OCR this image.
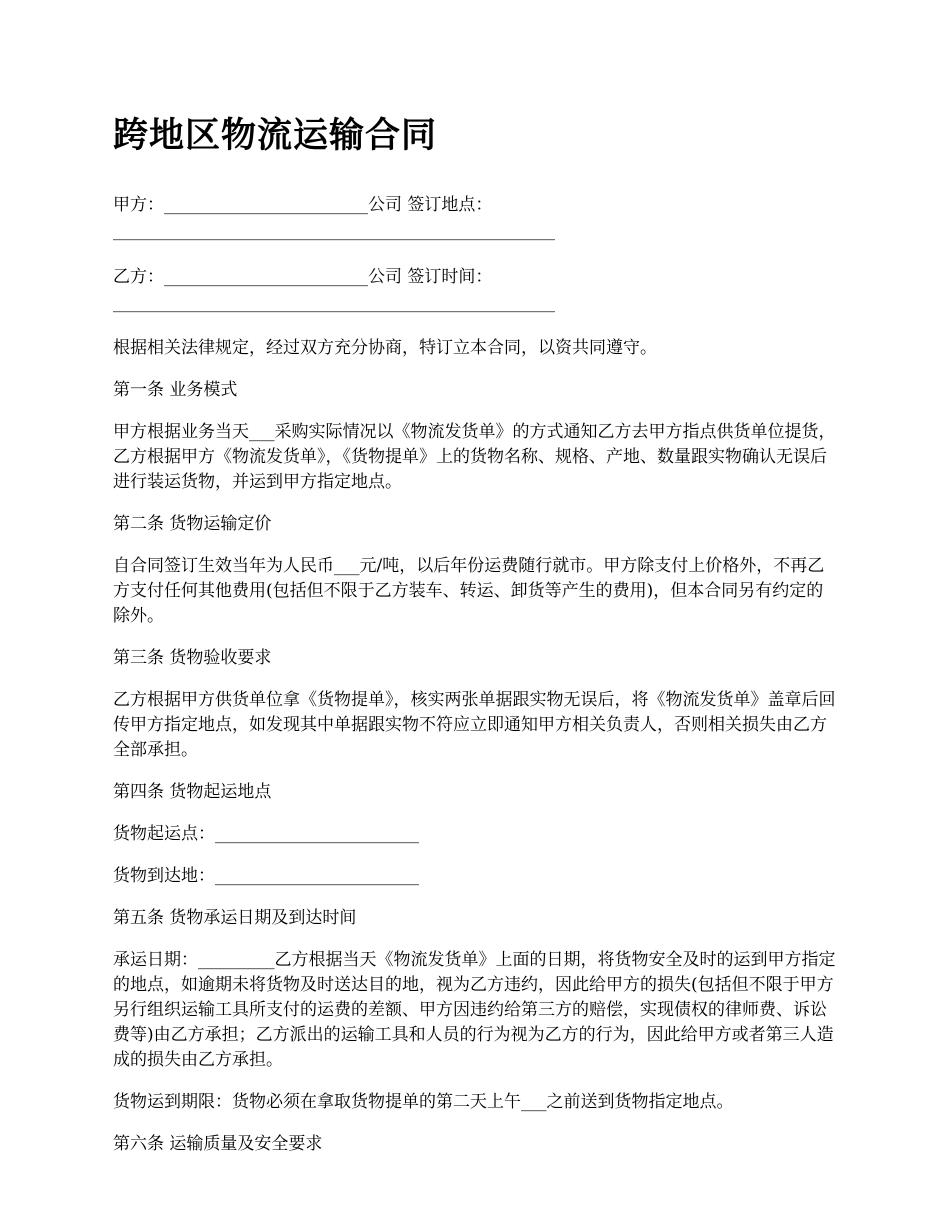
跨地区物流运输合同

甲方：________________________公司 签订地点：____________________________________________________

乙方：________________________公司 签订时间：____________________________________________________

根据相关法律规定，经过双方充分协商，特订立本合同，以资共同遵守。

第一条 业务模式

甲方根据业务当天___采购实际情况以《物流发货单》的方式通知乙方去甲方指点供货单位提货，乙方根据甲方《物流发货单》，《货物提单》上的货物名称、规格、产地、数量跟实物确认无误后进行装运货物，并运到甲方指定地点。

第二条 货物运输定价

自合同签订生效当年为人民币___元/吨，以后年份运费随行就市。甲方除支付上价格外，不再乙方支付任何其他费用(包括但不限于乙方装车、转运、卸货等产生的费用)，但本合同另有约定的除外。

第三条 货物验收要求

乙方根据甲方供货单位拿《货物提单》，核实两张单据跟实物无误后，将《物流发货单》盖章后回传甲方指定地点，如发现其中单据跟实物不符应立即通知甲方相关负责人，否则相关损失由乙方全部承担。

第四条 货物起运地点

货物起运点：________________________

货物到达地：________________________

第五条 货物承运日期及到达时间

承运日期：_________乙方根据当天《物流发货单》上面的日期，将货物安全及时的运到甲方指定的地点，如逾期未将货物及时送达目的地，视为乙方违约，因此给甲方的损失(包括但不限于甲方另行组织运输工具所支付的运费的差额、甲方因违约给第三方的赔偿，实现债权的律师费、诉讼费等)由乙方承担；乙方派出的运输工具和人员的行为视为乙方的行为，因此给甲方或者第三人造成的损失由乙方承担。

货物运到期限：货物必须在拿取货物提单的第二天上午___之前送到货物指定地点。

第六条 运输质量及安全要求
